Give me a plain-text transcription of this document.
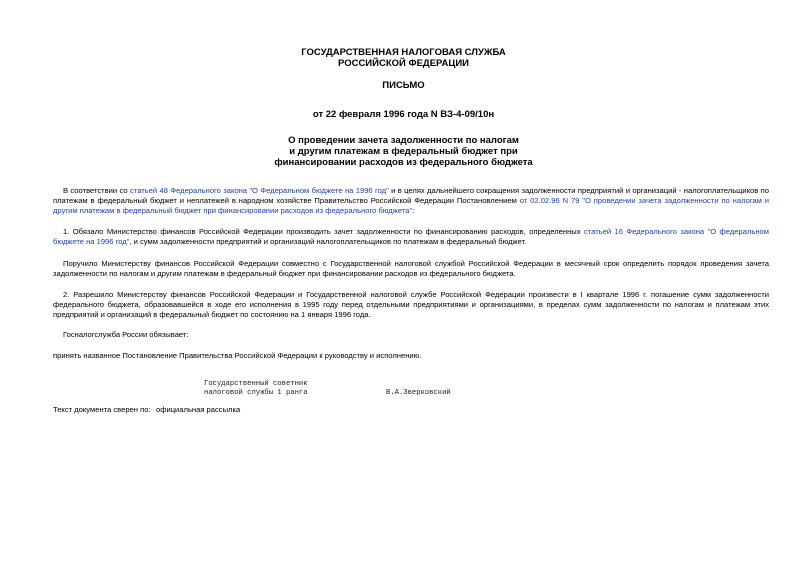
ГОСУДАРСТВЕННАЯ НАЛОГОВАЯ СЛУЖБА
РОССИЙСКОЙ ФЕДЕРАЦИИ
ПИСЬМО
от 22 февраля 1996 года N ВЗ-4-09/10н
О проведении зачета задолженности по налогам
и другим платежам в федеральный бюджет при
финансировании расходов из федерального бюджета
В соответствии со статьей 48 Федерального закона "О Федеральном бюджете на 1996 год" и в целях дальнейшего сокращения задолженности предприятий и организаций - налогоплательщиков по платежам в федеральный бюджет и неплатежей в народном хозяйстве Правительство Российской Федерации Постановлением от 02.02.96 N 79 "О проведении зачета задолженности по налогам и другим платежам в федеральный бюджет при финансировании расходов из федерального бюджета":
1. Обязало Министерство финансов Российской Федерации производить зачет задолженности по финансированию расходов, определенных статьей 16 Федерального закона "О федеральном бюджете на 1996 год", и сумм задолженности предприятий и организаций налогоплательщиков по платежам в федеральный бюджет.
Поручило Министерству финансов Российской Федерации совместно с Государственной налоговой службой Российской Федерации в месячный срок определить порядок проведения зачета задолженности по налогам и другим платежам в федеральный бюджет при финансировании расходов из федерального бюджета.
2. Разрешило Министерству финансов Российской Федерации и Государственной налоговой службе Российской Федерации произвести в I квартале 1996 г. погашение сумм задолженности федерального бюджета, образовавшейся в ходе его исполнения в 1995 году перед отдельными предприятиями и организациями, в пределах сумм задолженности по налогам и платежам этих предприятий и организаций в федеральный бюджет по состоянию на 1 января 1996 года.
Госналогслужба России обязывает:
принять названное Постановление Правительства Российской Федерации к руководству и исполнению.
Государственный советник
налоговой службы 1 ранга	В.А.Зверковский
Текст документа сверен по: официальная рассылка
